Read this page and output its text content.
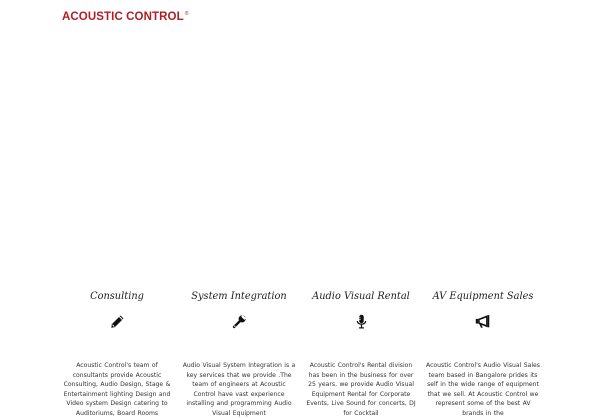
ACOUSTIC CONTROL ®
Consulting
Acoustic Control's team of consultants provide Acoustic Consulting, Audio Design, Stage & Entertainment lighting Design and Video system Design catering to Auditoriums, Board Rooms
System Integration
Audio Visual System Integration is a key services that we provide .The team of engineers at Acoustic Control have vast experience installing and programming Audio Visual Equipment
Audio Visual Rental
Acoustic Control's Rental division has been in the business for over 25 years, we provide Audio Visual Equipment Rental for Corporate Events, Live Sound for concerts, DJ for Cocktail
AV Equipment Sales
Acoustic Control's Audio Visual Sales team based in Bangalore prides its self in the wide range of equipment that we sell. At Acoustic Control we represent some of the best AV brands in the
